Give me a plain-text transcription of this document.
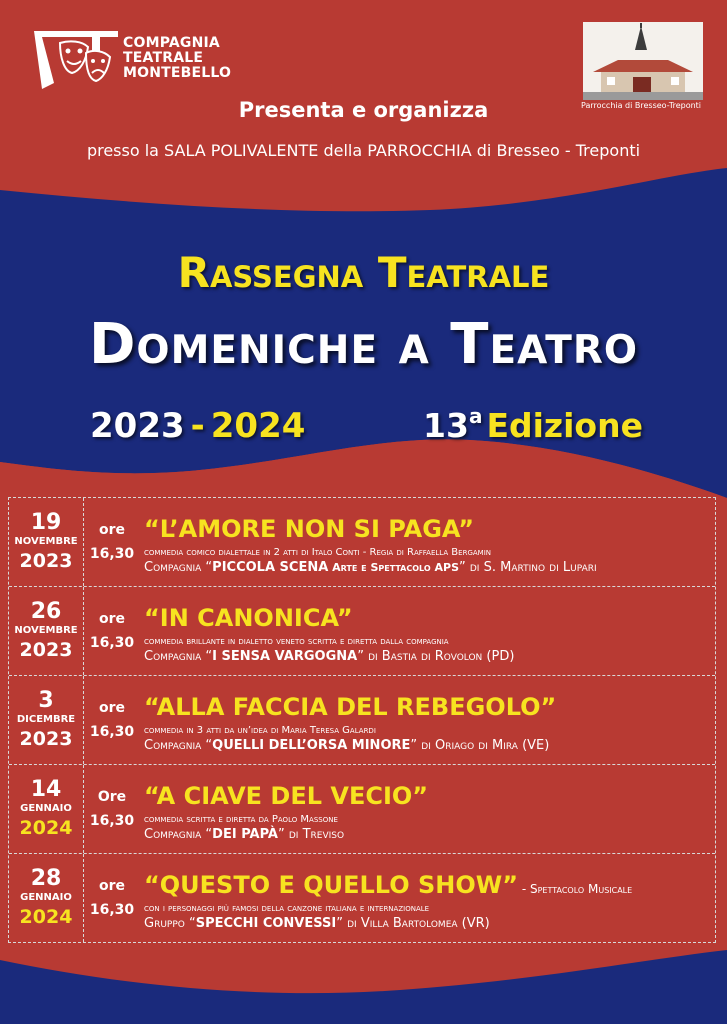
COMPAGNIA
TEATRALE
MONTEBELLO
Parrocchia di Bresseo-Treponti
Presenta e organizza
presso la SALA POLIVALENTE della PARROCCHIA di Bresseo - Treponti
Rassegna Teatrale
Domeniche a Teatro
2023 - 2024	13$^a$ Edizione
19
NOVEMBRE
2023
ore
16,30
“L’AMORE NON SI PAGA”
commedia comico dialettale in 2 atti di Italo Conti - Regia di Raffaella Bergamin
Compagnia “PICCOLA SCENA Arte e Spettacolo APS” di S. Martino di Lupari
26
NOVEMBRE
2023
ore
16,30
“IN CANONICA”
commedia brillante in dialetto veneto scritta e diretta dalla compagnia
Compagnia “I SENSA VARGOGNA” di Bastia di Rovolon (PD)
3
DICEMBRE
2023
ore
16,30
“ALLA FACCIA DEL REBEGOLO”
commedia in 3 atti da un’idea di Maria Teresa Galardi
Compagnia “QUELLI DELL’ORSA MINORE” di Oriago di Mira (VE)
14
GENNAIO
2024
Ore
16,30
“A CIAVE DEL VECIO”
commedia scritta e diretta da Paolo Massone
Compagnia “DEI PAPÀ” di Treviso
28
GENNAIO
2024
ore
16,30
“QUESTO E QUELLO SHOW” - Spettacolo Musicale
con i personaggi più famosi della canzone italiana e internazionale
Gruppo “SPECCHI CONVESSI” di Villa Bartolomea (VR)
